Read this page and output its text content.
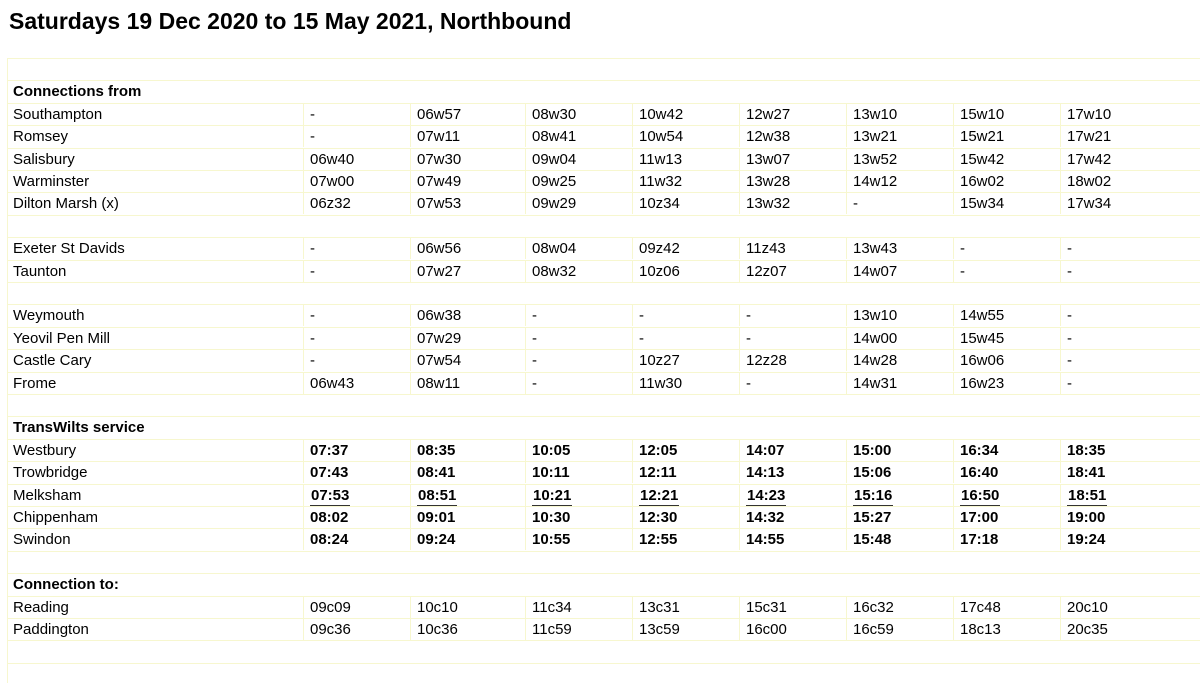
Saturdays 19 Dec 2020 to 15 May 2021, Northbound
Connections from
Southampton	-	06w57	08w30	10w42	12w27	13w10	15w10	17w10
Romsey	-	07w11	08w41	10w54	12w38	13w21	15w21	17w21
Salisbury	06w40	07w30	09w04	11w13	13w07	13w52	15w42	17w42
Warminster	07w00	07w49	09w25	11w32	13w28	14w12	16w02	18w02
Dilton Marsh (x)	06z32	07w53	09w29	10z34	13w32	-	15w34	17w34
Exeter St Davids	-	06w56	08w04	09z42	11z43	13w43	-	-
Taunton	-	07w27	08w32	10z06	12z07	14w07	-	-
Weymouth	-	06w38	-	-	-	13w10	14w55	-
Yeovil Pen Mill	-	07w29	-	-	-	14w00	15w45	-
Castle Cary	-	07w54	-	10z27	12z28	14w28	16w06	-
Frome	06w43	08w11	-	11w30	-	14w31	16w23	-
TransWilts service
Westbury	07:37	08:35	10:05	12:05	14:07	15:00	16:34	18:35
Trowbridge	07:43	08:41	10:11	12:11	14:13	15:06	16:40	18:41
Melksham	07:53	08:51	10:21	12:21	14:23	15:16	16:50	18:51
Chippenham	08:02	09:01	10:30	12:30	14:32	15:27	17:00	19:00
Swindon	08:24	09:24	10:55	12:55	14:55	15:48	17:18	19:24
Connection to:
Reading	09c09	10c10	11c34	13c31	15c31	16c32	17c48	20c10
Paddington	09c36	10c36	11c59	13c59	16c00	16c59	18c13	20c35
